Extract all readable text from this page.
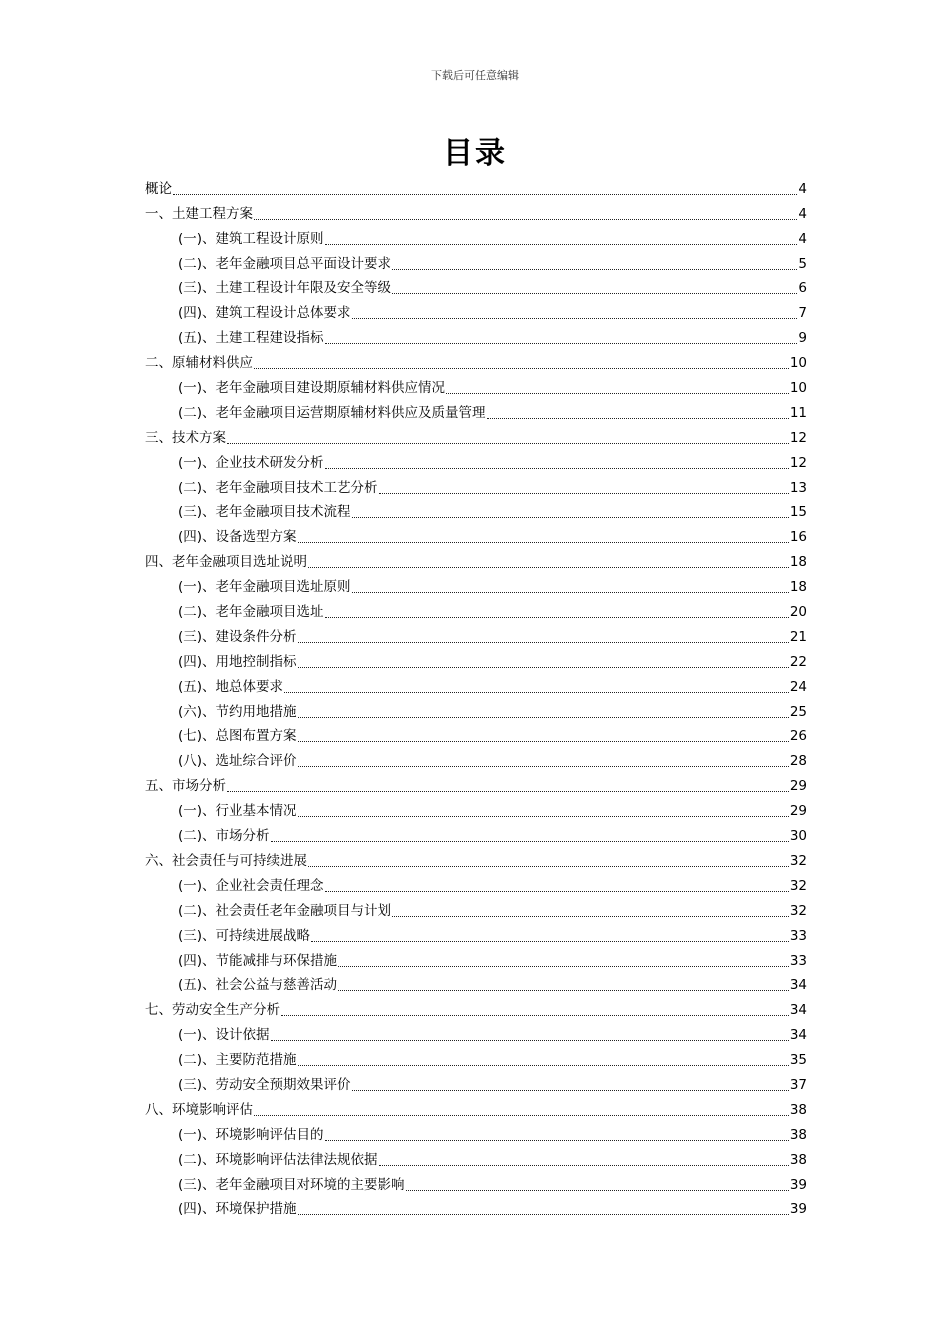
下载后可任意编辑
目录
概论	4
一、土建工程方案	4
(一)、建筑工程设计原则	4
(二)、老年金融项目总平面设计要求	5
(三)、土建工程设计年限及安全等级	6
(四)、建筑工程设计总体要求	7
(五)、土建工程建设指标	9
二、原辅材料供应	10
(一)、老年金融项目建设期原辅材料供应情况	10
(二)、老年金融项目运营期原辅材料供应及质量管理	11
三、技术方案	12
(一)、企业技术研发分析	12
(二)、老年金融项目技术工艺分析	13
(三)、老年金融项目技术流程	15
(四)、设备选型方案	16
四、老年金融项目选址说明	18
(一)、老年金融项目选址原则	18
(二)、老年金融项目选址	20
(三)、建设条件分析	21
(四)、用地控制指标	22
(五)、地总体要求	24
(六)、节约用地措施	25
(七)、总图布置方案	26
(八)、选址综合评价	28
五、市场分析	29
(一)、行业基本情况	29
(二)、市场分析	30
六、社会责任与可持续进展	32
(一)、企业社会责任理念	32
(二)、社会责任老年金融项目与计划	32
(三)、可持续进展战略	33
(四)、节能减排与环保措施	33
(五)、社会公益与慈善活动	34
七、劳动安全生产分析	34
(一)、设计依据	34
(二)、主要防范措施	35
(三)、劳动安全预期效果评价	37
八、环境影响评估	38
(一)、环境影响评估目的	38
(二)、环境影响评估法律法规依据	38
(三)、老年金融项目对环境的主要影响	39
(四)、环境保护措施	39
